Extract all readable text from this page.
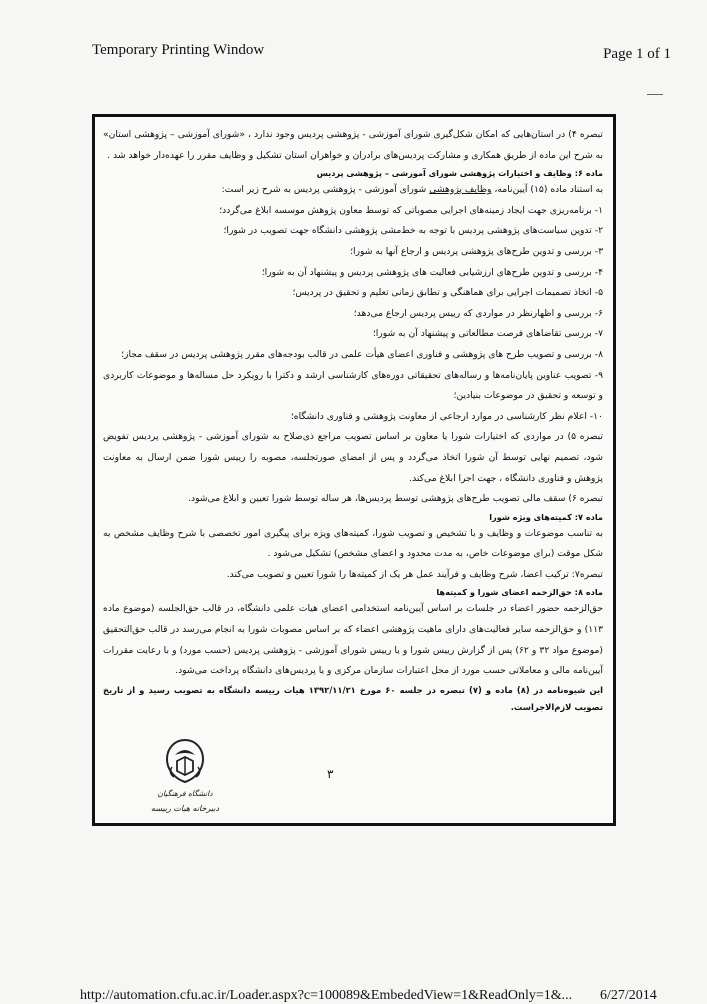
Temporary Printing Window	Page 1 of 1

تبصره ۴) در استان‌هایی که امکان شکل‌گیری شورای آموزشی - پژوهشی پردیس وجود ندارد ، «شورای آموزشی – پژوهشی استان» به شرح این ماده از طریق همکاری و مشارکت پردیس‌های برادران و خواهران استان تشکیل و وظایف مقرر را عهده‌دار خواهد شد .

ماده ۶: وظایف و اختیارات پژوهشی شورای آموزشی – پژوهشی پردیس

به استناد ماده (۱۵) آیین‌نامه، وظایف پژوهشی شورای آموزشی - پژوهشی پردیس به شرح زیر است:

۱- برنامه‌ریزی جهت ایجاد زمینه‌های اجرایی مصوباتی که توسط معاون پژوهش موسسه ابلاغ می‌گردد؛

۲- تدوین سیاست‌های پژوهشی پردیس با توجه به خط‌مشی پژوهشی دانشگاه جهت تصویب در شورا؛

۳- بررسی و تدوین طرح‌های پژوهشی پردیس و ارجاع آنها به شورا؛

۴- بررسی و تدوین طرح‌های ارزشیابی فعالیت های پژوهشی پردیس و پیشنهاد آن به شورا؛

۵- اتخاذ تصمیمات اجرایی برای هماهنگی و تطابق زمانی تعلیم و تحقیق در پردیس؛

۶- بررسی و اظهارنظر در مواردی که رییس پردیس ارجاع می‌دهد؛

۷- بررسی تقاضاهای فرصت مطالعاتی و پیشنهاد آن به شورا؛

۸- بررسی و تصویب طرح های پژوهشی و فناوری اعضای هیأت علمی در قالب بودجه‌های مقرر پژوهشی پردیس در سقف مجاز؛

۹- تصویب عناوین پایان‌نامه‌ها و رساله‌های تحقیقاتی دوره‌های کارشناسی ارشد و دکترا با رویکرد حل مساله‌ها و موضوعات کاربردی و توسعه و تحقیق در موضوعات بنیادین؛

۱۰- اعلام نظر کارشناسی در موارد ارجاعی از معاونت پژوهشی و فناوری دانشگاه؛

تبصره ۵) در مواردی که اختیارات شورا یا معاون بر اساس تصویب مراجع ذی‌صلاح به شورای آموزشی - پژوهشی پردیس تفویض شود، تصمیم نهایی توسط آن شورا اتخاذ می‌گردد و پس از امضای صورتجلسه، مصوبه را رییس شورا ضمن ارسال به معاونت پژوهش و فناوری دانشگاه ، جهت اجرا ابلاغ می‌کند.

تبصره ۶) سقف مالی تصویب طرح‌های پژوهشی توسط پردیس‌ها، هر ساله توسط شورا تعیین و ابلاغ می‌شود.

ماده ۷: کمیته‌های ویژه شورا

به تناسب موضوعات و وظایف و با تشخیص و تصویب شورا، کمیته‌های ویژه برای پیگیری امور تخصصی با شرح وظایف مشخص به شکل موقت (برای موضوعات خاص، به مدت محدود و اعضای مشخص) تشکیل می‌شود .

تبصره۷: ترکیب اعضا، شرح وظایف و فرآیند عمل هر یک از کمیته‌ها را شورا تعیین و تصویب می‌کند.

ماده ۸: حق‌الزحمه اعضای شورا و کمیته‌ها

حق‌الزحمه حضور اعضاء در جلسات بر اساس آیین‌نامه استخدامی اعضای هیات علمی دانشگاه، در قالب حق‌الجلسه (موضوع ماده ۱۱۳) و حق‌الزحمه سایر فعالیت‌های دارای ماهیت پژوهشی اعضاء که بر اساس مصوبات شورا به انجام می‌رسد در قالب حق‌التحقیق (موضوع مواد ۳۲ و ۶۲) پس از گزارش رییس شورا و یا رییس شورای آموزشی - پژوهشی پردیس (حسب مورد) و با رعایت مقررات آیین‌نامه مالی و معاملاتی حسب مورد از محل اعتبارات سازمان مرکزی و یا پردیس‌های دانشگاه پرداخت می‌شود.

این شیوه‌نامه در (۸) ماده و (۷) تبصره در جلسه ۶۰ مورخ ۱۳۹۲/۱۱/۲۱ هیات رییسه دانشگاه به تصویب رسید و از تاریخ تصویب لازم‌الاجراست.

دانشگاه فرهنگیان
دبیرخانه هیات رییسه
۳
http://automation.cfu.ac.ir/Loader.aspx?c=100089&EmbededView=1&ReadOnly=1&... 6/27/2014
